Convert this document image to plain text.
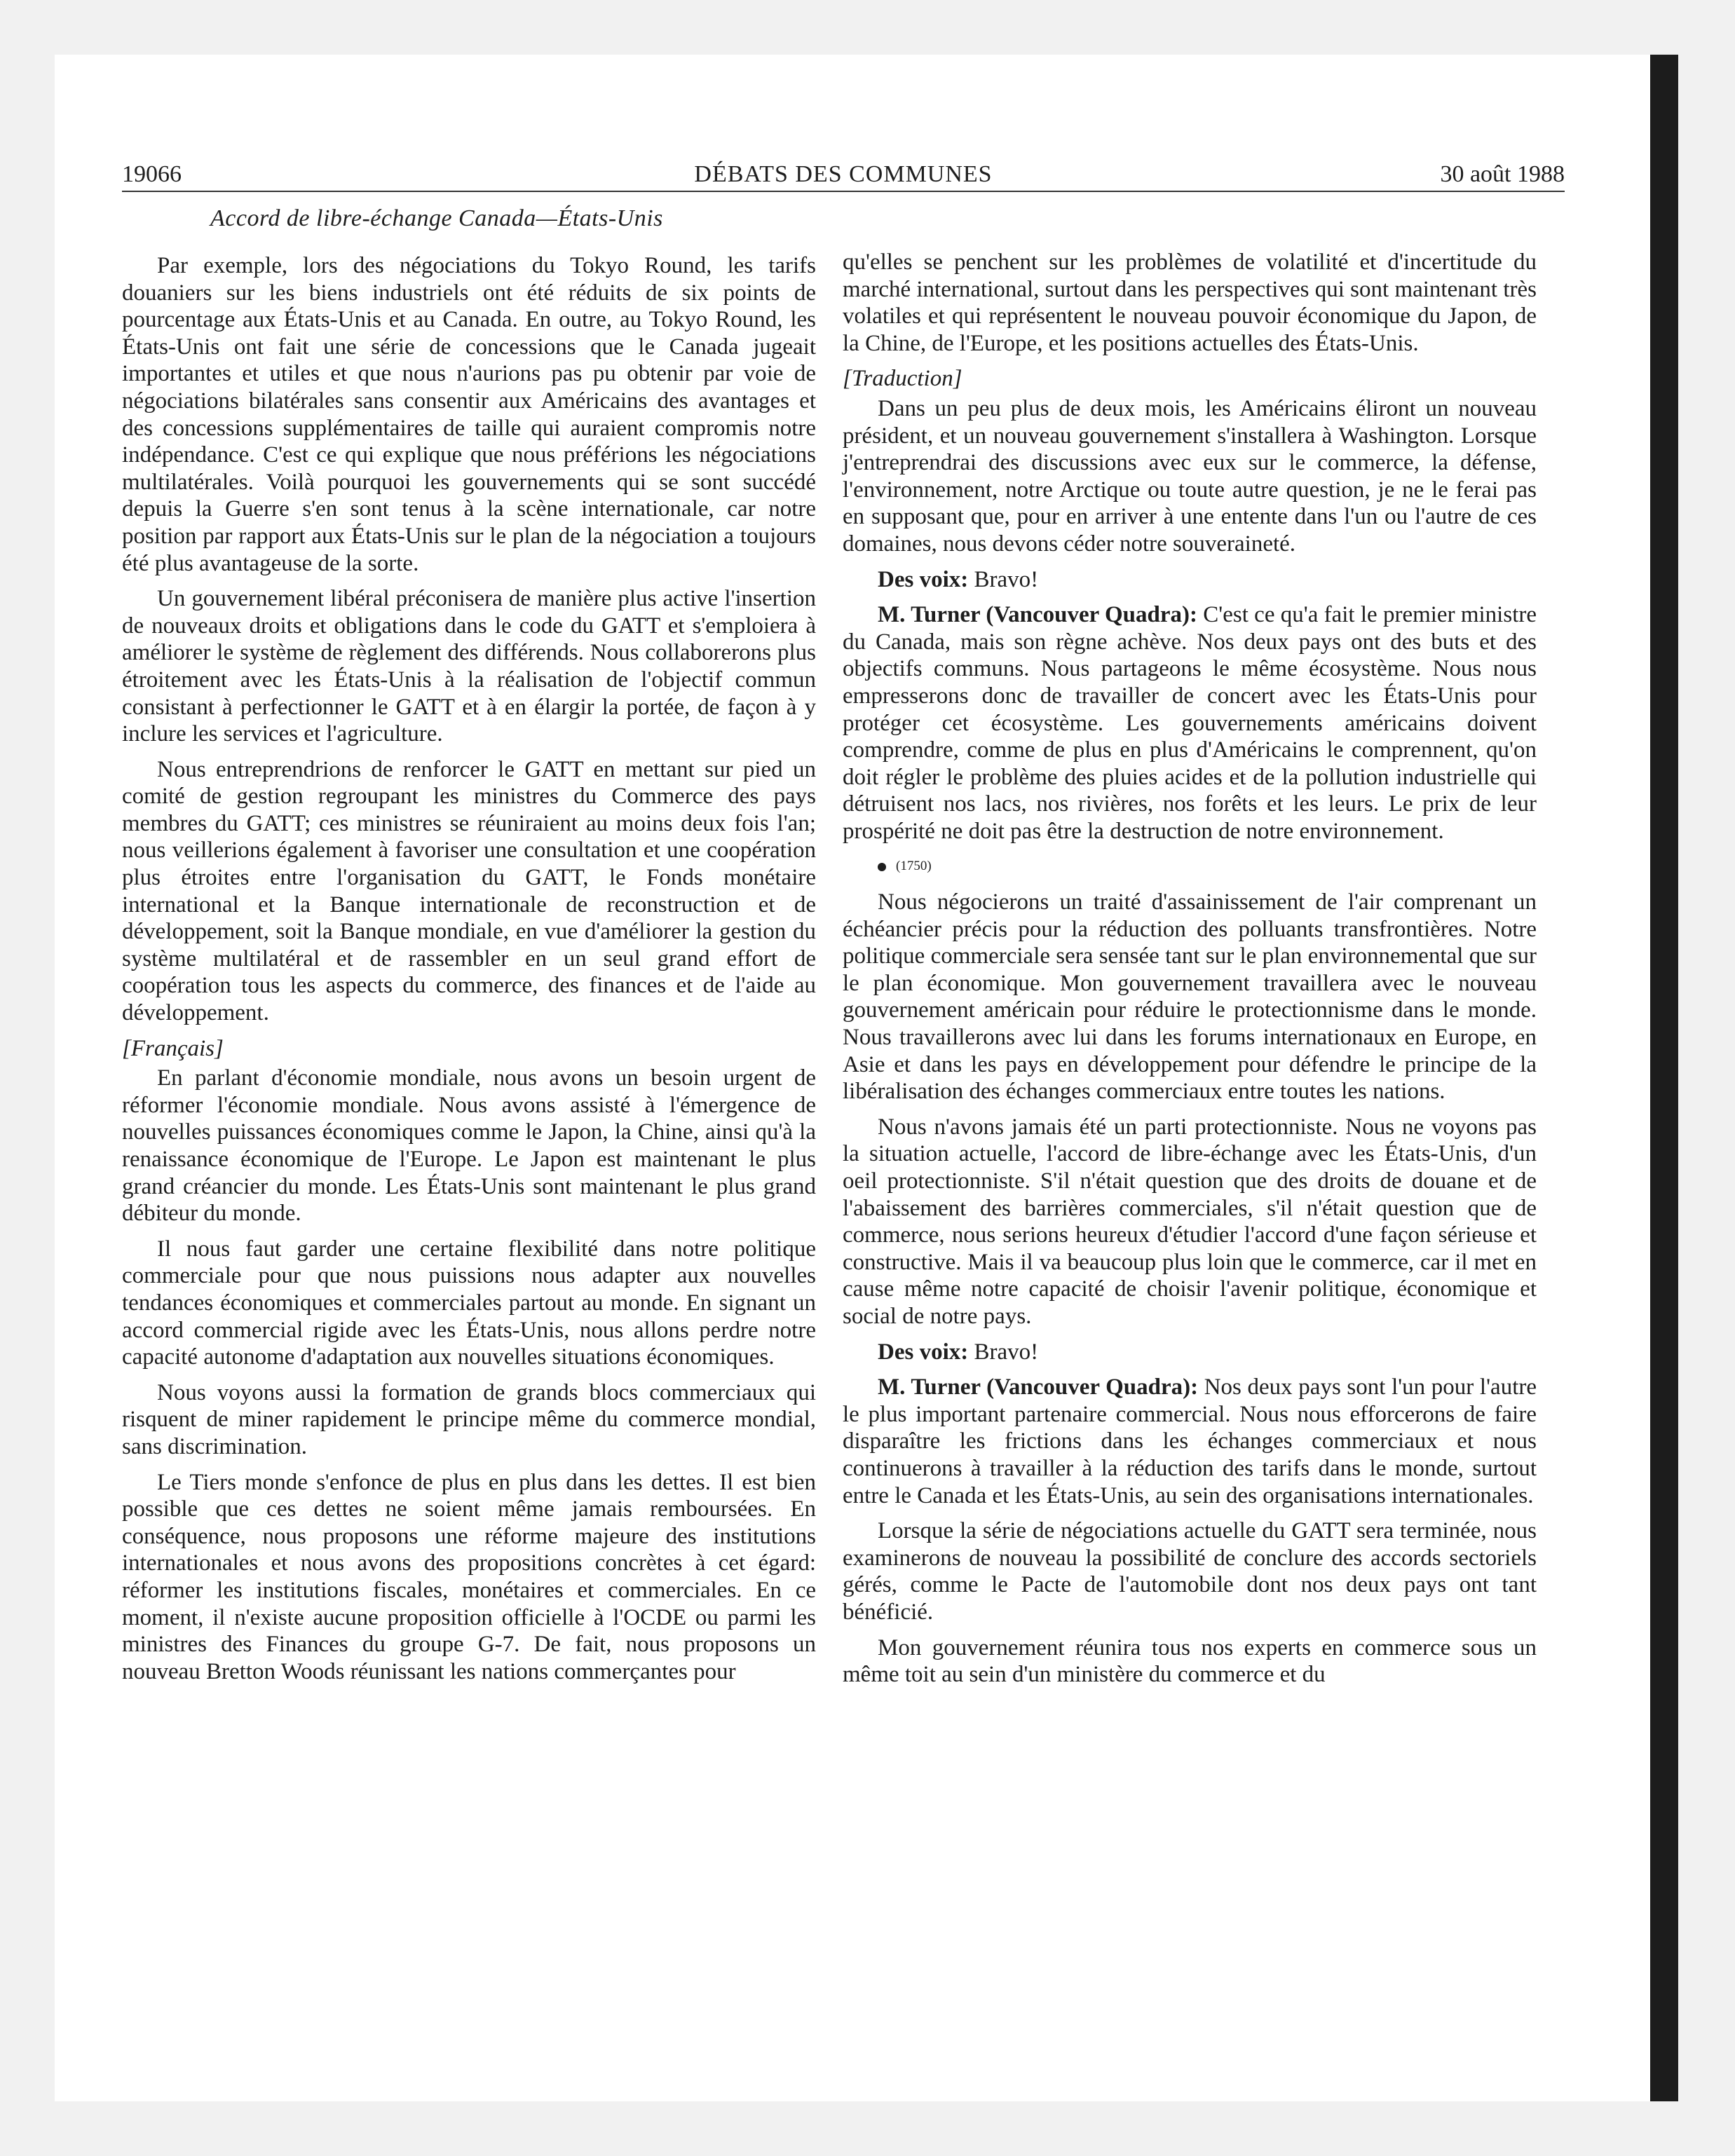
19066	DÉBATS DES COMMUNES	30 août 1988
Accord de libre-échange Canada—États-Unis

Par exemple, lors des négociations du Tokyo Round, les tarifs douaniers sur les biens industriels ont été réduits de six points de pourcentage aux États-Unis et au Canada. En outre, au Tokyo Round, les États-Unis ont fait une série de concessions que le Canada jugeait importantes et utiles et que nous n'aurions pas pu obtenir par voie de négociations bilatérales sans consentir aux Américains des avantages et des concessions supplémentaires de taille qui auraient compromis notre indépendance. C'est ce qui explique que nous préférions les négociations multilatérales. Voilà pourquoi les gouvernements qui se sont succédé depuis la Guerre s'en sont tenus à la scène internationale, car notre position par rapport aux États-Unis sur le plan de la négociation a toujours été plus avantageuse de la sorte.

Un gouvernement libéral préconisera de manière plus active l'insertion de nouveaux droits et obligations dans le code du GATT et s'emploiera à améliorer le système de règlement des différends. Nous collaborerons plus étroitement avec les États-Unis à la réalisation de l'objectif commun consistant à perfectionner le GATT et à en élargir la portée, de façon à y inclure les services et l'agriculture.

Nous entreprendrions de renforcer le GATT en mettant sur pied un comité de gestion regroupant les ministres du Commerce des pays membres du GATT; ces ministres se réuniraient au moins deux fois l'an; nous veillerions également à favoriser une consultation et une coopération plus étroites entre l'organisation du GATT, le Fonds monétaire international et la Banque internationale de reconstruction et de développement, soit la Banque mondiale, en vue d'améliorer la gestion du système multilatéral et de rassembler en un seul grand effort de coopération tous les aspects du commerce, des finances et de l'aide au développement.

[Français]

En parlant d'économie mondiale, nous avons un besoin urgent de réformer l'économie mondiale. Nous avons assisté à l'émergence de nouvelles puissances économiques comme le Japon, la Chine, ainsi qu'à la renaissance économique de l'Europe. Le Japon est maintenant le plus grand créancier du monde. Les États-Unis sont maintenant le plus grand débiteur du monde.

Il nous faut garder une certaine flexibilité dans notre politique commerciale pour que nous puissions nous adapter aux nouvelles tendances économiques et commerciales partout au monde. En signant un accord commercial rigide avec les États-Unis, nous allons perdre notre capacité autonome d'adaptation aux nouvelles situations économiques.

Nous voyons aussi la formation de grands blocs commerciaux qui risquent de miner rapidement le principe même du commerce mondial, sans discrimination.

Le Tiers monde s'enfonce de plus en plus dans les dettes. Il est bien possible que ces dettes ne soient même jamais remboursées. En conséquence, nous proposons une réforme majeure des institutions internationales et nous avons des propositions concrètes à cet égard: réformer les institutions fiscales, monétaires et commerciales. En ce moment, il n'existe aucune proposition officielle à l'OCDE ou parmi les ministres des Finances du groupe G-7. De fait, nous proposons un nouveau Bretton Woods réunissant les nations commerçantes pour

qu'elles se penchent sur les problèmes de volatilité et d'incertitude du marché international, surtout dans les perspectives qui sont maintenant très volatiles et qui représentent le nouveau pouvoir économique du Japon, de la Chine, de l'Europe, et les positions actuelles des États-Unis.

[Traduction]

Dans un peu plus de deux mois, les Américains éliront un nouveau président, et un nouveau gouvernement s'installera à Washington. Lorsque j'entreprendrai des discussions avec eux sur le commerce, la défense, l'environnement, notre Arctique ou toute autre question, je ne le ferai pas en supposant que, pour en arriver à une entente dans l'un ou l'autre de ces domaines, nous devons céder notre souveraineté.

Des voix: Bravo!

M. Turner (Vancouver Quadra): C'est ce qu'a fait le premier ministre du Canada, mais son règne achève. Nos deux pays ont des buts et des objectifs communs. Nous partageons le même écosystème. Nous nous empresserons donc de travailler de concert avec les États-Unis pour protéger cet écosystème. Les gouvernements américains doivent comprendre, comme de plus en plus d'Américains le comprennent, qu'on doit régler le problème des pluies acides et de la pollution industrielle qui détruisent nos lacs, nos rivières, nos forêts et les leurs. Le prix de leur prospérité ne doit pas être la destruction de notre environnement.

(1750)

Nous négocierons un traité d'assainissement de l'air comprenant un échéancier précis pour la réduction des polluants transfrontières. Notre politique commerciale sera sensée tant sur le plan environnemental que sur le plan économique. Mon gouvernement travaillera avec le nouveau gouvernement américain pour réduire le protectionnisme dans le monde. Nous travaillerons avec lui dans les forums internationaux en Europe, en Asie et dans les pays en développement pour défendre le principe de la libéralisation des échanges commerciaux entre toutes les nations.

Nous n'avons jamais été un parti protectionniste. Nous ne voyons pas la situation actuelle, l'accord de libre-échange avec les États-Unis, d'un oeil protectionniste. S'il n'était question que des droits de douane et de l'abaissement des barrières commerciales, s'il n'était question que de commerce, nous serions heureux d'étudier l'accord d'une façon sérieuse et constructive. Mais il va beaucoup plus loin que le commerce, car il met en cause même notre capacité de choisir l'avenir politique, économique et social de notre pays.

Des voix: Bravo!

M. Turner (Vancouver Quadra): Nos deux pays sont l'un pour l'autre le plus important partenaire commercial. Nous nous efforcerons de faire disparaître les frictions dans les échanges commerciaux et nous continuerons à travailler à la réduction des tarifs dans le monde, surtout entre le Canada et les États-Unis, au sein des organisations internationales.

Lorsque la série de négociations actuelle du GATT sera terminée, nous examinerons de nouveau la possibilité de conclure des accords sectoriels gérés, comme le Pacte de l'automobile dont nos deux pays ont tant bénéficié.

Mon gouvernement réunira tous nos experts en commerce sous un même toit au sein d'un ministère du commerce et du
